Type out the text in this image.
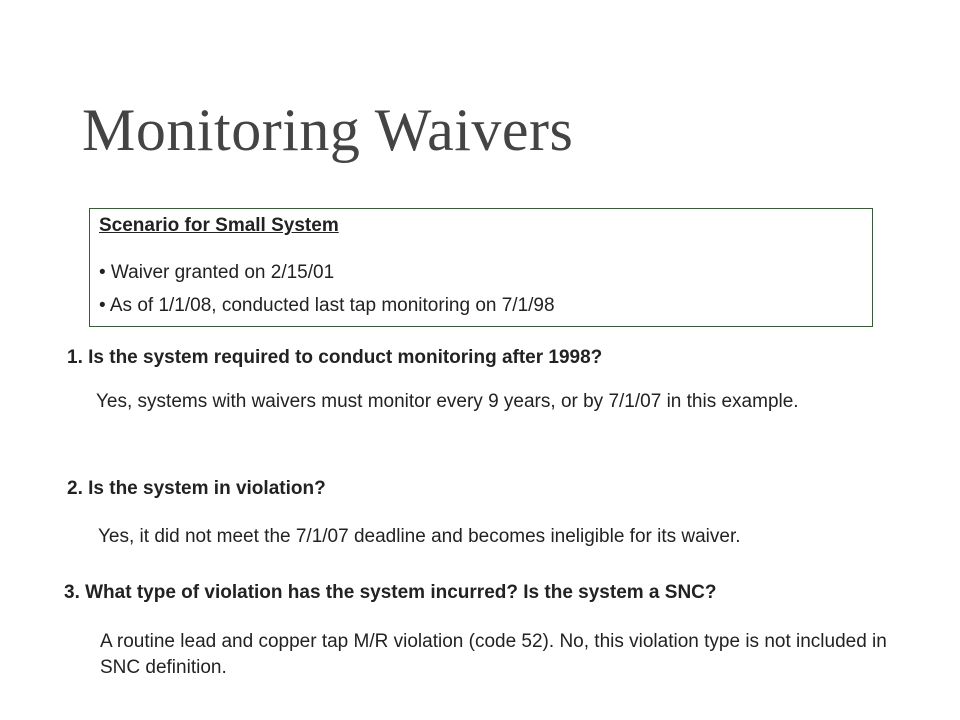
Monitoring Waivers
Scenario for Small System
• Waiver granted on 2/15/01
• As of 1/1/08, conducted last tap monitoring on 7/1/98
1. Is the system required to conduct monitoring after 1998?
Yes, systems with waivers must monitor every 9 years, or by 7/1/07 in this example.
2. Is the system in violation?
Yes, it did not meet the 7/1/07 deadline and becomes ineligible for its waiver.
3. What type of violation has the system incurred? Is the system a SNC?
A routine lead and copper tap M/R violation (code 52). No, this violation type is not included in SNC definition.
